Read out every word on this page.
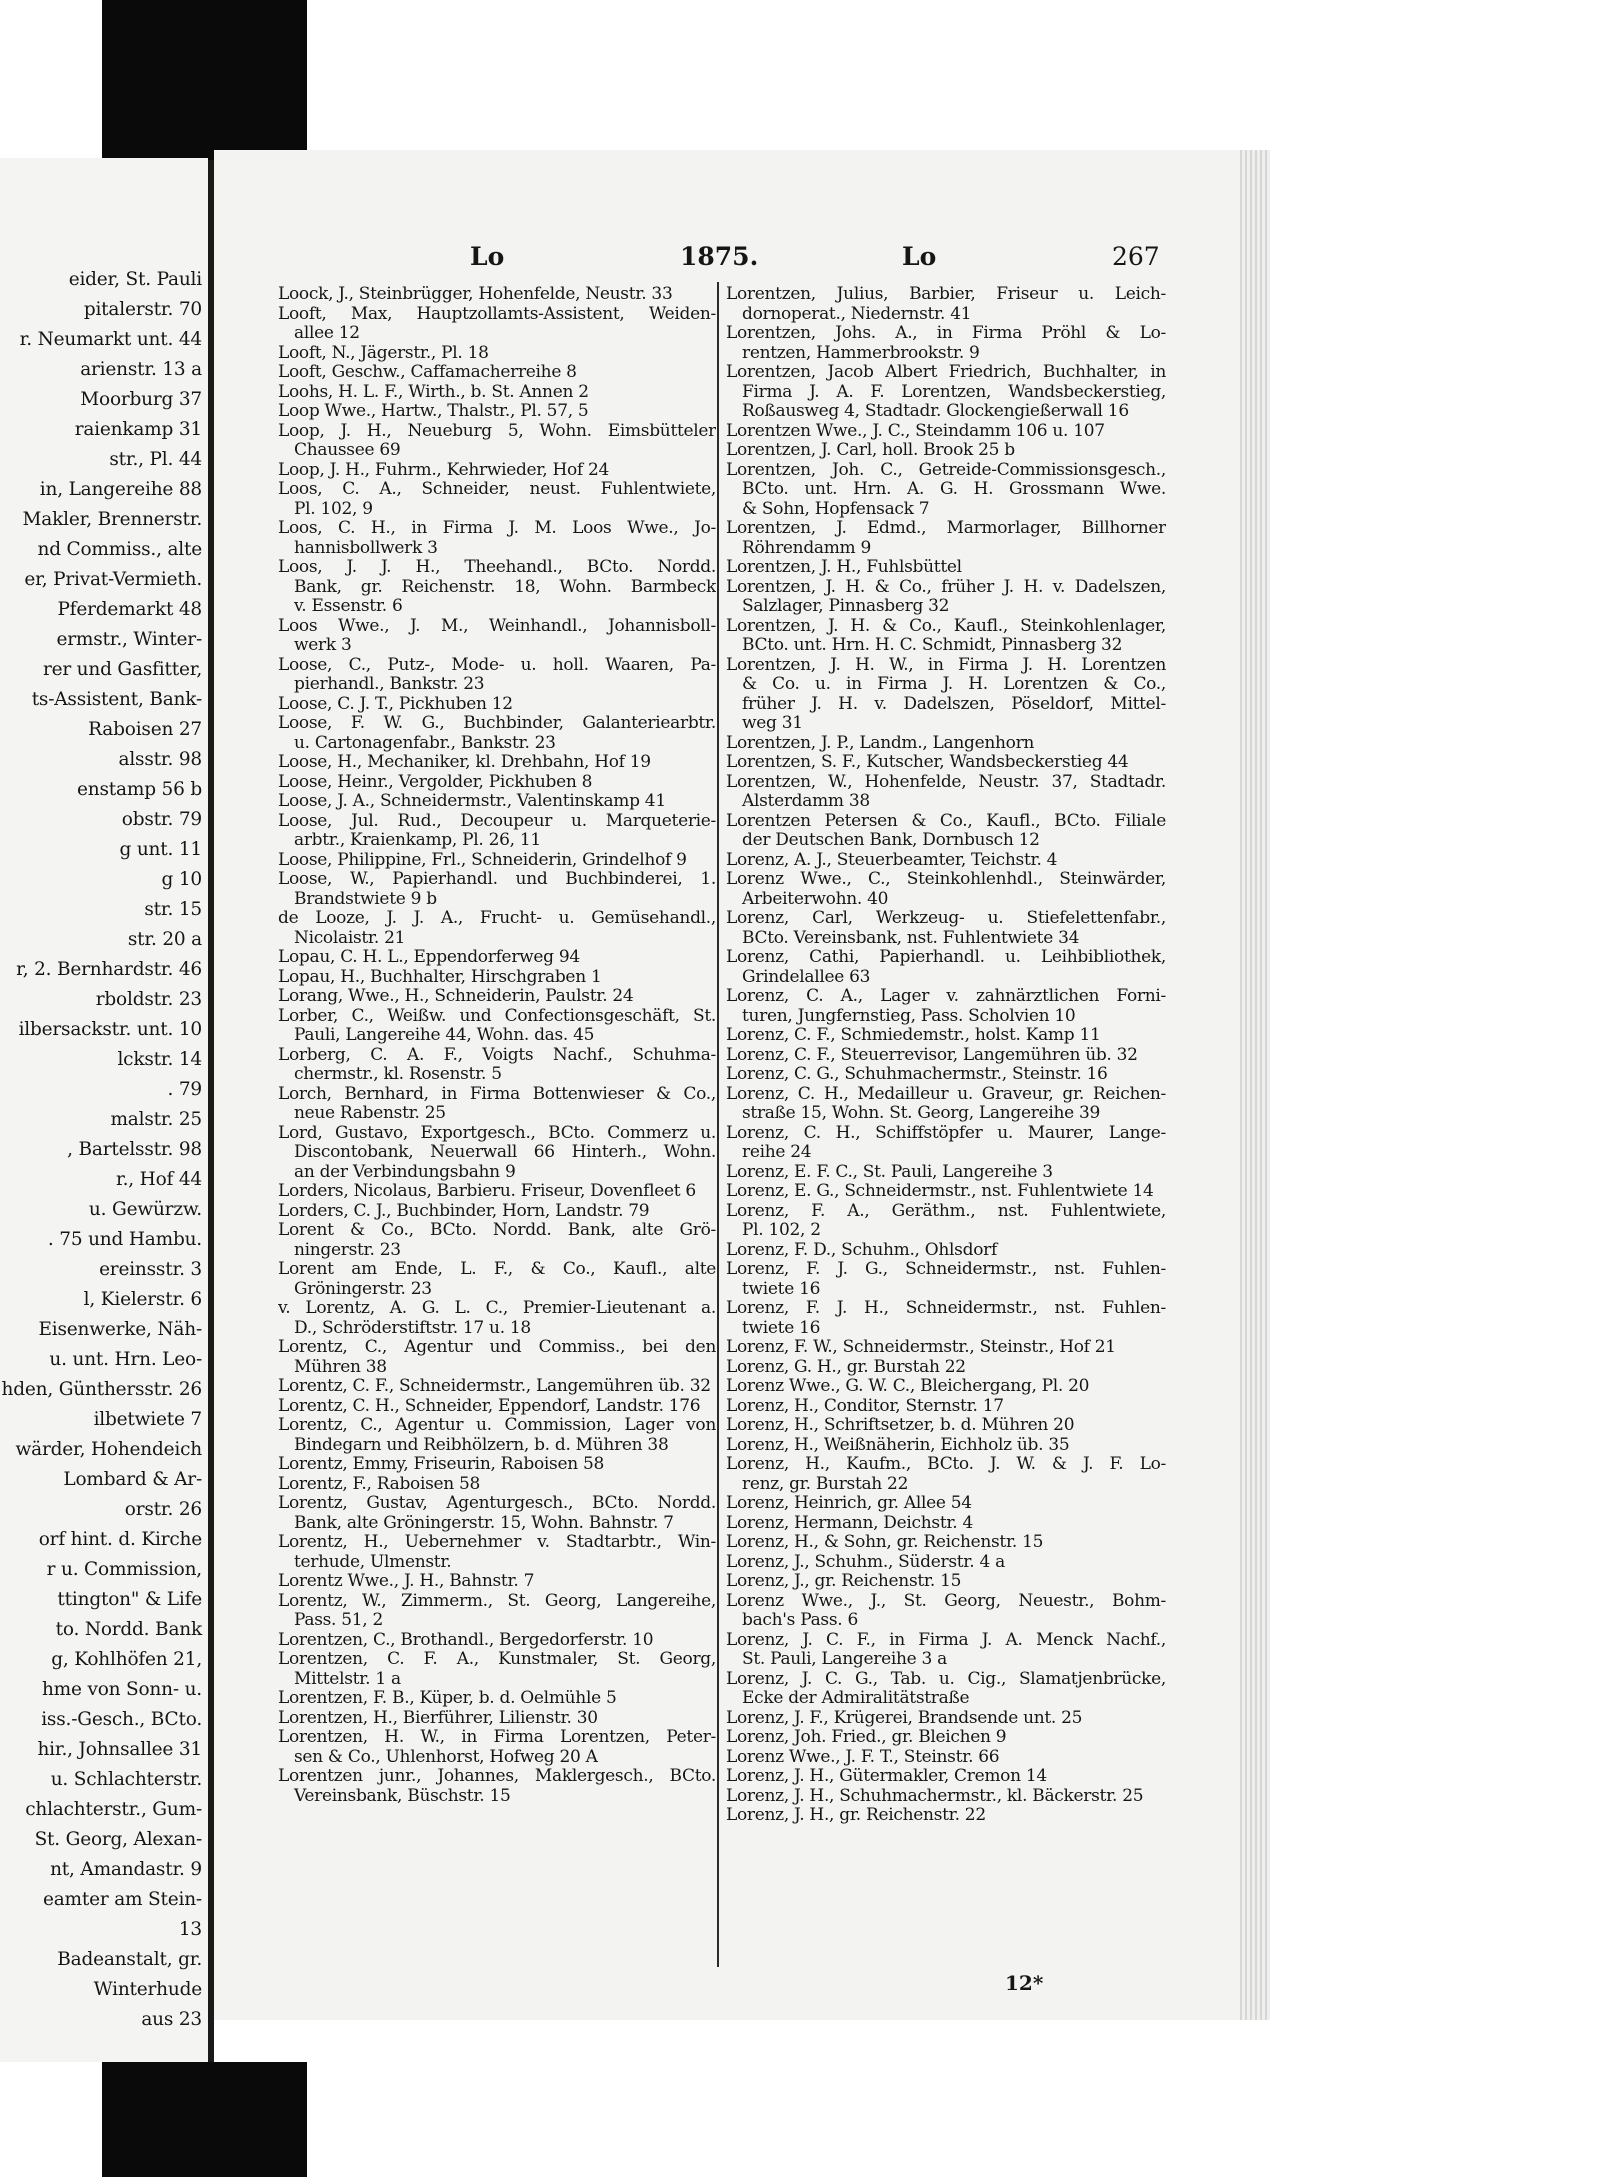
eider, St. Pauli
pitalerstr. 70
r. Neumarkt unt. 44
arienstr. 13 a
Moorburg 37
raienkamp 31
str., Pl. 44
in, Langereihe 88
Makler, Brennerstr.
nd Commiss., alte
er, Privat-Vermieth.
Pferdemarkt 48
ermstr., Winter-
rer und Gasfitter,
ts-Assistent, Bank-
Raboisen 27
alsstr. 98
enstamp 56 b
obstr. 79
g unt. 11
g 10
str. 15
str. 20 a
r, 2. Bernhardstr. 46
rboldstr. 23
ilbersackstr. unt. 10
lckstr. 14
. 79
malstr. 25
, Bartelsstr. 98
r., Hof 44
u. Gewürzw.
. 75 und Hambu.
ereinsstr. 3
l, Kielerstr. 6
Eisenwerke, Näh-
u. unt. Hrn. Leo-
hden, Günthersstr. 26
ilbetwiete 7
wärder, Hohendeich
Lombard & Ar-
orstr. 26
orf hint. d. Kirche
r u. Commission,
ttington" & Life
to. Nordd. Bank
g, Kohlhöfen 21,
hme von Sonn- u.
iss.-Gesch., BCto.
hir., Johnsallee 31
u. Schlachterstr.
chlachterstr., Gum-
St. Georg, Alexan-
nt, Amandastr. 9
eamter am Stein-
13
Badeanstalt, gr.
Winterhude
aus 23
Lo	1875.	Lo	267
Loock, J., Steinbrügger, Hohenfelde, Neustr. 33
Looft, Max, Hauptzollamts-Assistent, Weiden-
allee 12
Looft, N., Jägerstr., Pl. 18
Looft, Geschw., Caffamacherreihe 8
Loohs, H. L. F., Wirth., b. St. Annen 2
Loop Wwe., Hartw., Thalstr., Pl. 57, 5
Loop, J. H., Neueburg 5, Wohn. Eimsbütteler
Chaussee 69
Loop, J. H., Fuhrm., Kehrwieder, Hof 24
Loos, C. A., Schneider, neust. Fuhlentwiete,
Pl. 102, 9
Loos, C. H., in Firma J. M. Loos Wwe., Jo-
hannisbollwerk 3
Loos, J. J. H., Theehandl., BCto. Nordd.
Bank, gr. Reichenstr. 18, Wohn. Barmbeck
v. Essenstr. 6
Loos Wwe., J. M., Weinhandl., Johannisboll-
werk 3
Loose, C., Putz-, Mode- u. holl. Waaren, Pa-
pierhandl., Bankstr. 23
Loose, C. J. T., Pickhuben 12
Loose, F. W. G., Buchbinder, Galanteriearbtr.
u. Cartonagenfabr., Bankstr. 23
Loose, H., Mechaniker, kl. Drehbahn, Hof 19
Loose, Heinr., Vergolder, Pickhuben 8
Loose, J. A., Schneidermstr., Valentinskamp 41
Loose, Jul. Rud., Decoupeur u. Marqueterie-
arbtr., Kraienkamp, Pl. 26, 11
Loose, Philippine, Frl., Schneiderin, Grindelhof 9
Loose, W., Papierhandl. und Buchbinderei, 1.
Brandstwiete 9 b
de Looze, J. J. A., Frucht- u. Gemüsehandl.,
Nicolaistr. 21
Lopau, C. H. L., Eppendorferweg 94
Lopau, H., Buchhalter, Hirschgraben 1
Lorang, Wwe., H., Schneiderin, Paulstr. 24
Lorber, C., Weißw. und Confectionsgeschäft, St.
Pauli, Langereihe 44, Wohn. das. 45
Lorberg, C. A. F., Voigts Nachf., Schuhma-
chermstr., kl. Rosenstr. 5
Lorch, Bernhard, in Firma Bottenwieser & Co.,
neue Rabenstr. 25
Lord, Gustavo, Exportgesch., BCto. Commerz u.
Discontobank, Neuerwall 66 Hinterh., Wohn.
an der Verbindungsbahn 9
Lorders, Nicolaus, Barbieru. Friseur, Dovenfleet 6
Lorders, C. J., Buchbinder, Horn, Landstr. 79
Lorent & Co., BCto. Nordd. Bank, alte Grö-
ningerstr. 23
Lorent am Ende, L. F., & Co., Kaufl., alte
Gröningerstr. 23
v. Lorentz, A. G. L. C., Premier-Lieutenant a.
D., Schröderstiftstr. 17 u. 18
Lorentz, C., Agentur und Commiss., bei den
Mühren 38
Lorentz, C. F., Schneidermstr., Langemühren üb. 32
Lorentz, C. H., Schneider, Eppendorf, Landstr. 176
Lorentz, C., Agentur u. Commission, Lager von
Bindegarn und Reibhölzern, b. d. Mühren 38
Lorentz, Emmy, Friseurin, Raboisen 58
Lorentz, F., Raboisen 58
Lorentz, Gustav, Agenturgesch., BCto. Nordd.
Bank, alte Gröningerstr. 15, Wohn. Bahnstr. 7
Lorentz, H., Uebernehmer v. Stadtarbtr., Win-
terhude, Ulmenstr.
Lorentz Wwe., J. H., Bahnstr. 7
Lorentz, W., Zimmerm., St. Georg, Langereihe,
Pass. 51, 2
Lorentzen, C., Brothandl., Bergedorferstr. 10
Lorentzen, C. F. A., Kunstmaler, St. Georg,
Mittelstr. 1 a
Lorentzen, F. B., Küper, b. d. Oelmühle 5
Lorentzen, H., Bierführer, Lilienstr. 30
Lorentzen, H. W., in Firma Lorentzen, Peter-
sen & Co., Uhlenhorst, Hofweg 20 A
Lorentzen junr., Johannes, Maklergesch., BCto.
Vereinsbank, Büschstr. 15
Lorentzen, Julius, Barbier, Friseur u. Leich-
dornoperat., Niedernstr. 41
Lorentzen, Johs. A., in Firma Pröhl & Lo-
rentzen, Hammerbrookstr. 9
Lorentzen, Jacob Albert Friedrich, Buchhalter, in
Firma J. A. F. Lorentzen, Wandsbeckerstieg,
Roßausweg 4, Stadtadr. Glockengießerwall 16
Lorentzen Wwe., J. C., Steindamm 106 u. 107
Lorentzen, J. Carl, holl. Brook 25 b
Lorentzen, Joh. C., Getreide-Commissionsgesch.,
BCto. unt. Hrn. A. G. H. Grossmann Wwe.
& Sohn, Hopfensack 7
Lorentzen, J. Edmd., Marmorlager, Billhorner
Röhrendamm 9
Lorentzen, J. H., Fuhlsbüttel
Lorentzen, J. H. & Co., früher J. H. v. Dadelszen,
Salzlager, Pinnasberg 32
Lorentzen, J. H. & Co., Kaufl., Steinkohlenlager,
BCto. unt. Hrn. H. C. Schmidt, Pinnasberg 32
Lorentzen, J. H. W., in Firma J. H. Lorentzen
& Co. u. in Firma J. H. Lorentzen & Co.,
früher J. H. v. Dadelszen, Pöseldorf, Mittel-
weg 31
Lorentzen, J. P., Landm., Langenhorn
Lorentzen, S. F., Kutscher, Wandsbeckerstieg 44
Lorentzen, W., Hohenfelde, Neustr. 37, Stadtadr.
Alsterdamm 38
Lorentzen Petersen & Co., Kaufl., BCto. Filiale
der Deutschen Bank, Dornbusch 12
Lorenz, A. J., Steuerbeamter, Teichstr. 4
Lorenz Wwe., C., Steinkohlenhdl., Steinwärder,
Arbeiterwohn. 40
Lorenz, Carl, Werkzeug- u. Stiefelettenfabr.,
BCto. Vereinsbank, nst. Fuhlentwiete 34
Lorenz, Cathi, Papierhandl. u. Leihbibliothek,
Grindelallee 63
Lorenz, C. A., Lager v. zahnärztlichen Forni-
turen, Jungfernstieg, Pass. Scholvien 10
Lorenz, C. F., Schmiedemstr., holst. Kamp 11
Lorenz, C. F., Steuerrevisor, Langemühren üb. 32
Lorenz, C. G., Schuhmachermstr., Steinstr. 16
Lorenz, C. H., Medailleur u. Graveur, gr. Reichen-
straße 15, Wohn. St. Georg, Langereihe 39
Lorenz, C. H., Schiffstöpfer u. Maurer, Lange-
reihe 24
Lorenz, E. F. C., St. Pauli, Langereihe 3
Lorenz, E. G., Schneidermstr., nst. Fuhlentwiete 14
Lorenz, F. A., Geräthm., nst. Fuhlentwiete,
Pl. 102, 2
Lorenz, F. D., Schuhm., Ohlsdorf
Lorenz, F. J. G., Schneidermstr., nst. Fuhlen-
twiete 16
Lorenz, F. J. H., Schneidermstr., nst. Fuhlen-
twiete 16
Lorenz, F. W., Schneidermstr., Steinstr., Hof 21
Lorenz, G. H., gr. Burstah 22
Lorenz Wwe., G. W. C., Bleichergang, Pl. 20
Lorenz, H., Conditor, Sternstr. 17
Lorenz, H., Schriftsetzer, b. d. Mühren 20
Lorenz, H., Weißnäherin, Eichholz üb. 35
Lorenz, H., Kaufm., BCto. J. W. & J. F. Lo-
renz, gr. Burstah 22
Lorenz, Heinrich, gr. Allee 54
Lorenz, Hermann, Deichstr. 4
Lorenz, H., & Sohn, gr. Reichenstr. 15
Lorenz, J., Schuhm., Süderstr. 4 a
Lorenz, J., gr. Reichenstr. 15
Lorenz Wwe., J., St. Georg, Neuestr., Bohm-
bach's Pass. 6
Lorenz, J. C. F., in Firma J. A. Menck Nachf.,
St. Pauli, Langereihe 3 a
Lorenz, J. C. G., Tab. u. Cig., Slamatjenbrücke,
Ecke der Admiralitätstraße
Lorenz, J. F., Krügerei, Brandsende unt. 25
Lorenz, Joh. Fried., gr. Bleichen 9
Lorenz Wwe., J. F. T., Steinstr. 66
Lorenz, J. H., Gütermakler, Cremon 14
Lorenz, J. H., Schuhmachermstr., kl. Bäckerstr. 25
Lorenz, J. H., gr. Reichenstr. 22
12*
